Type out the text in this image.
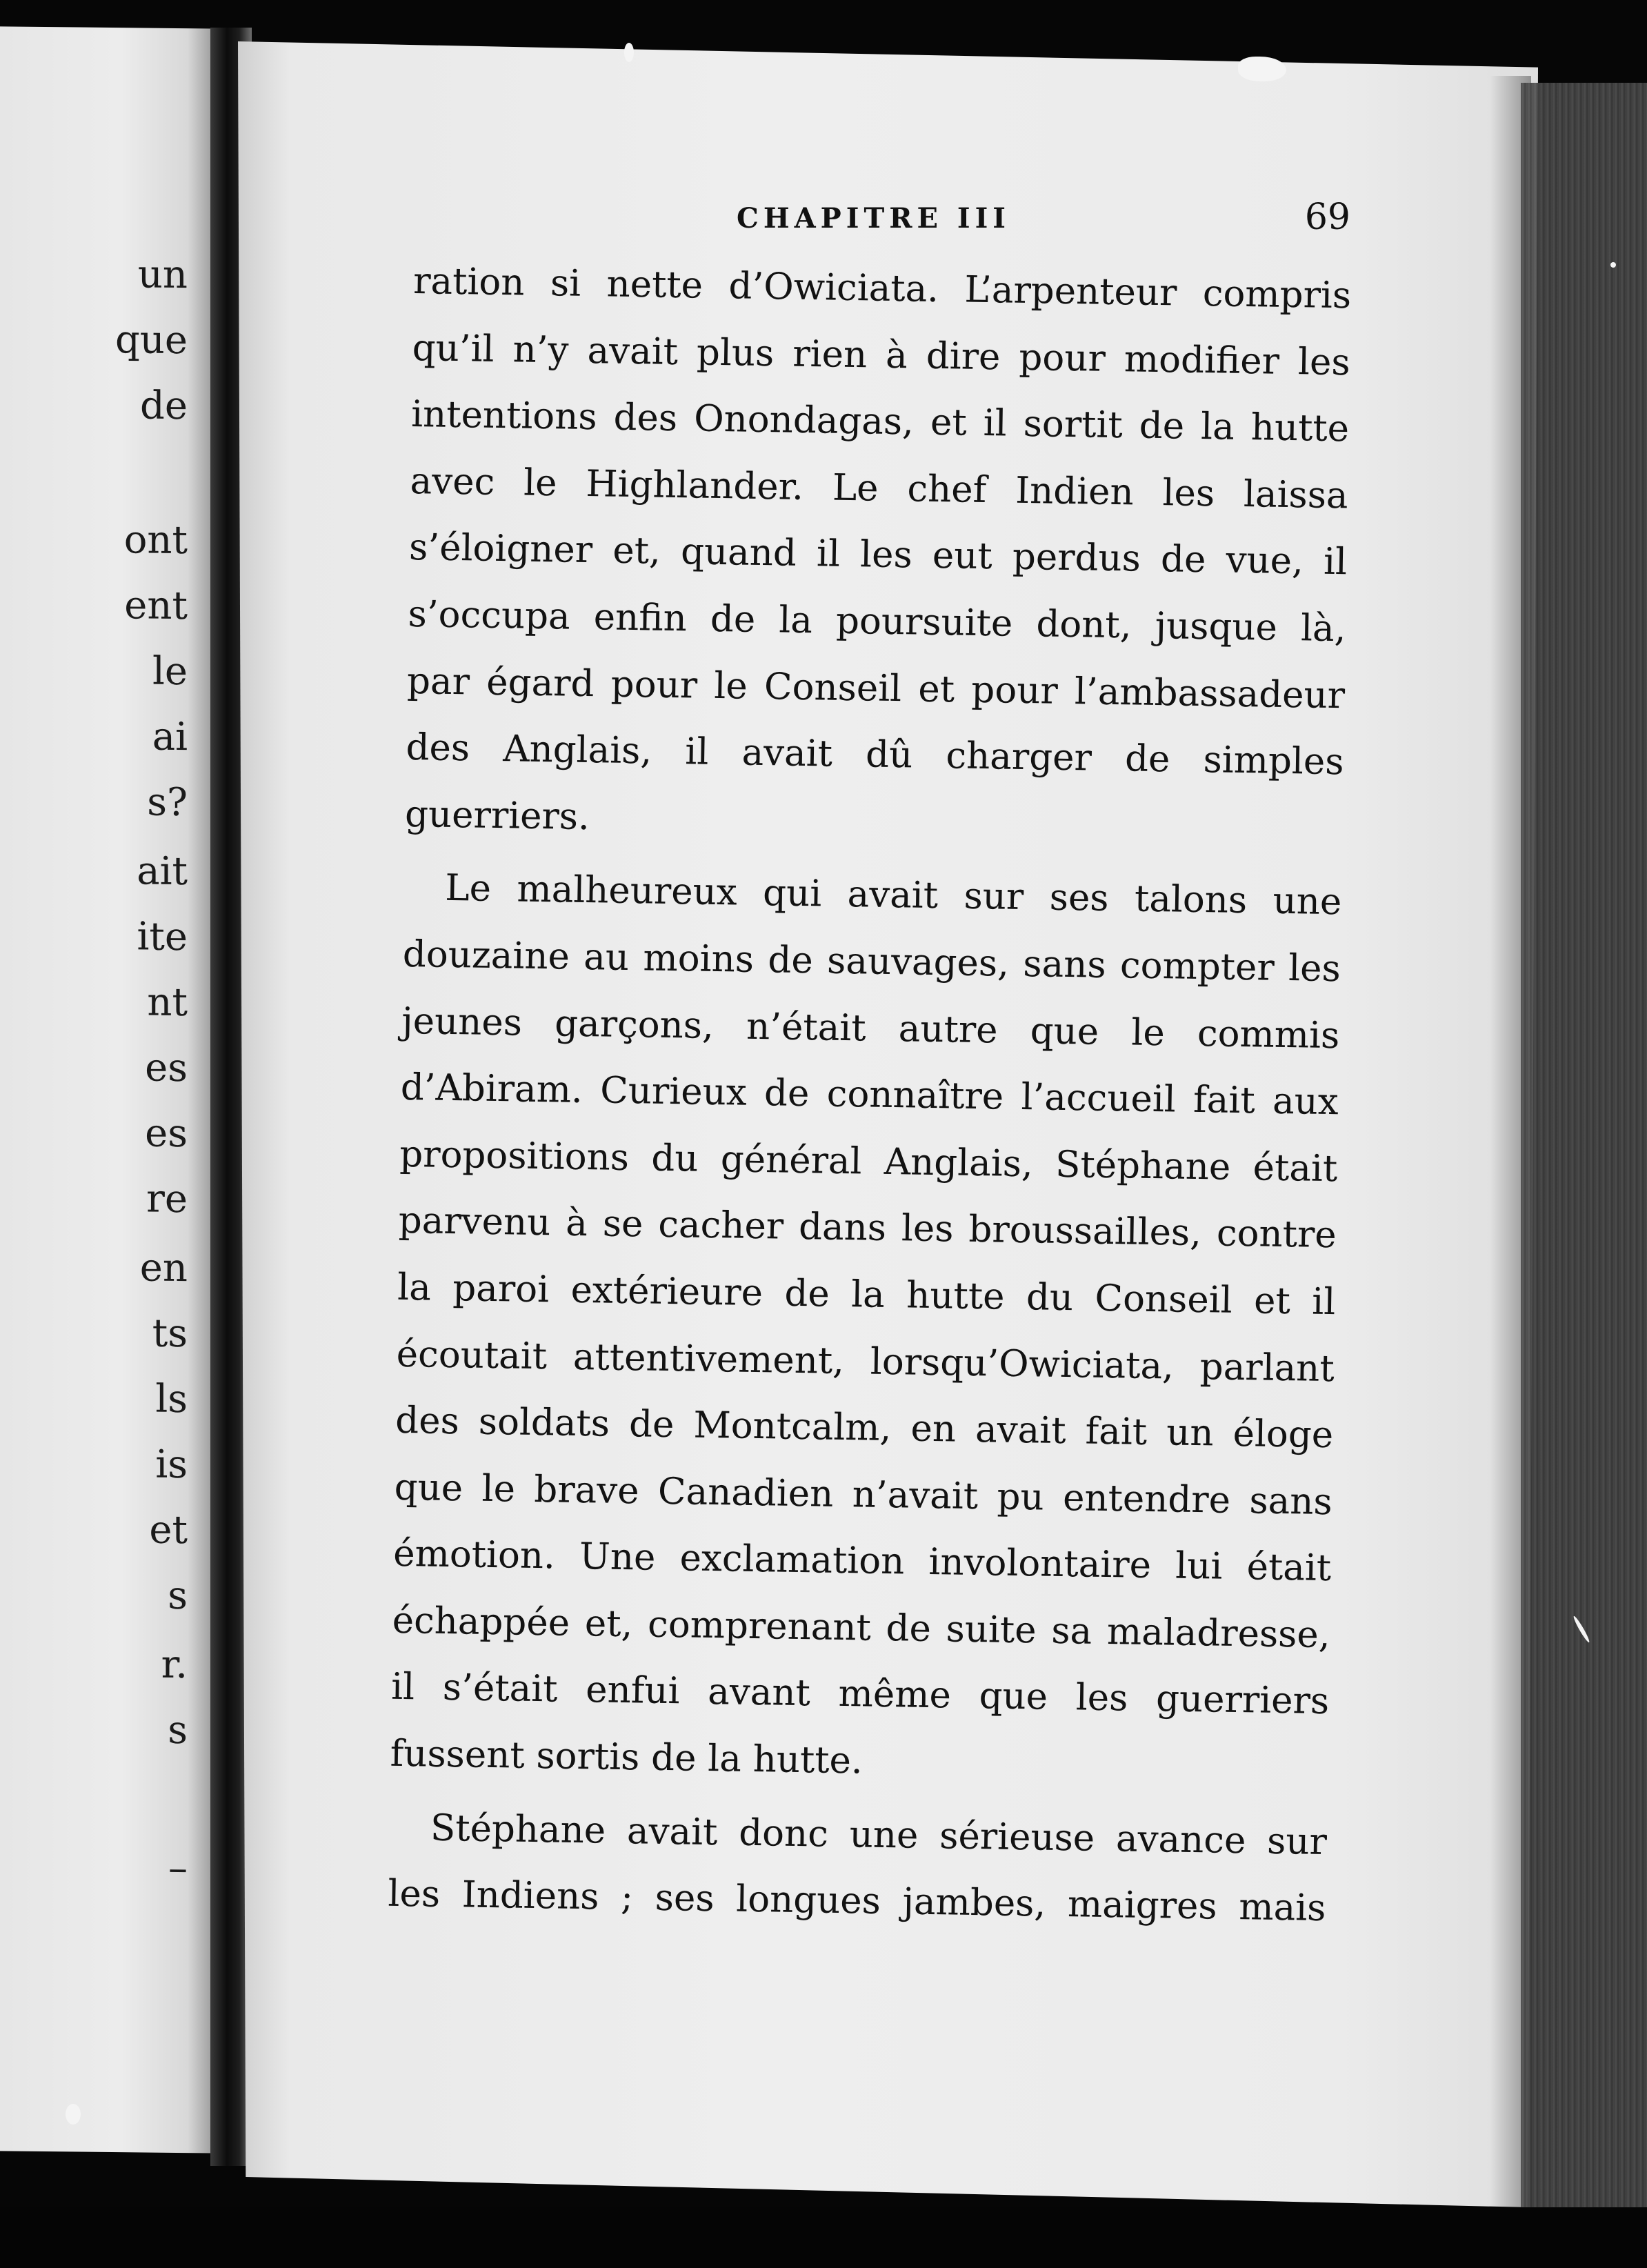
un
que
de
ont
ent
le
ai
s?
ait
ite
nt
es
es
re
en
ts
ls
is
et
s
r.
s
–
CHAPITRE III	69
ration si nette d’Owiciata. L’arpenteur compris
qu’il n’y avait plus rien à dire pour modifier les
intentions des Onondagas, et il sortit de la hutte
avec le Highlander. Le chef Indien les laissa
s’éloigner et, quand il les eut perdus de vue, il
s’occupa enfin de la poursuite dont, jusque là,
par égard pour le Conseil et pour l’ambassadeur
des Anglais, il avait dû charger de simples
guerriers.
Le malheureux qui avait sur ses talons une
douzaine au moins de sauvages, sans compter les
jeunes garçons, n’était autre que le commis
d’Abiram. Curieux de connaître l’accueil fait aux
propositions du général Anglais, Stéphane était
parvenu à se cacher dans les broussailles, contre
la paroi extérieure de la hutte du Conseil et il
écoutait attentivement, lorsqu’Owiciata, parlant
des soldats de Montcalm, en avait fait un éloge
que le brave Canadien n’avait pu entendre sans
émotion. Une exclamation involontaire lui était
échappée et, comprenant de suite sa maladresse,
il s’était enfui avant même que les guerriers
fussent sortis de la hutte.
Stéphane avait donc une sérieuse avance sur
les Indiens ; ses longues jambes, maigres mais
